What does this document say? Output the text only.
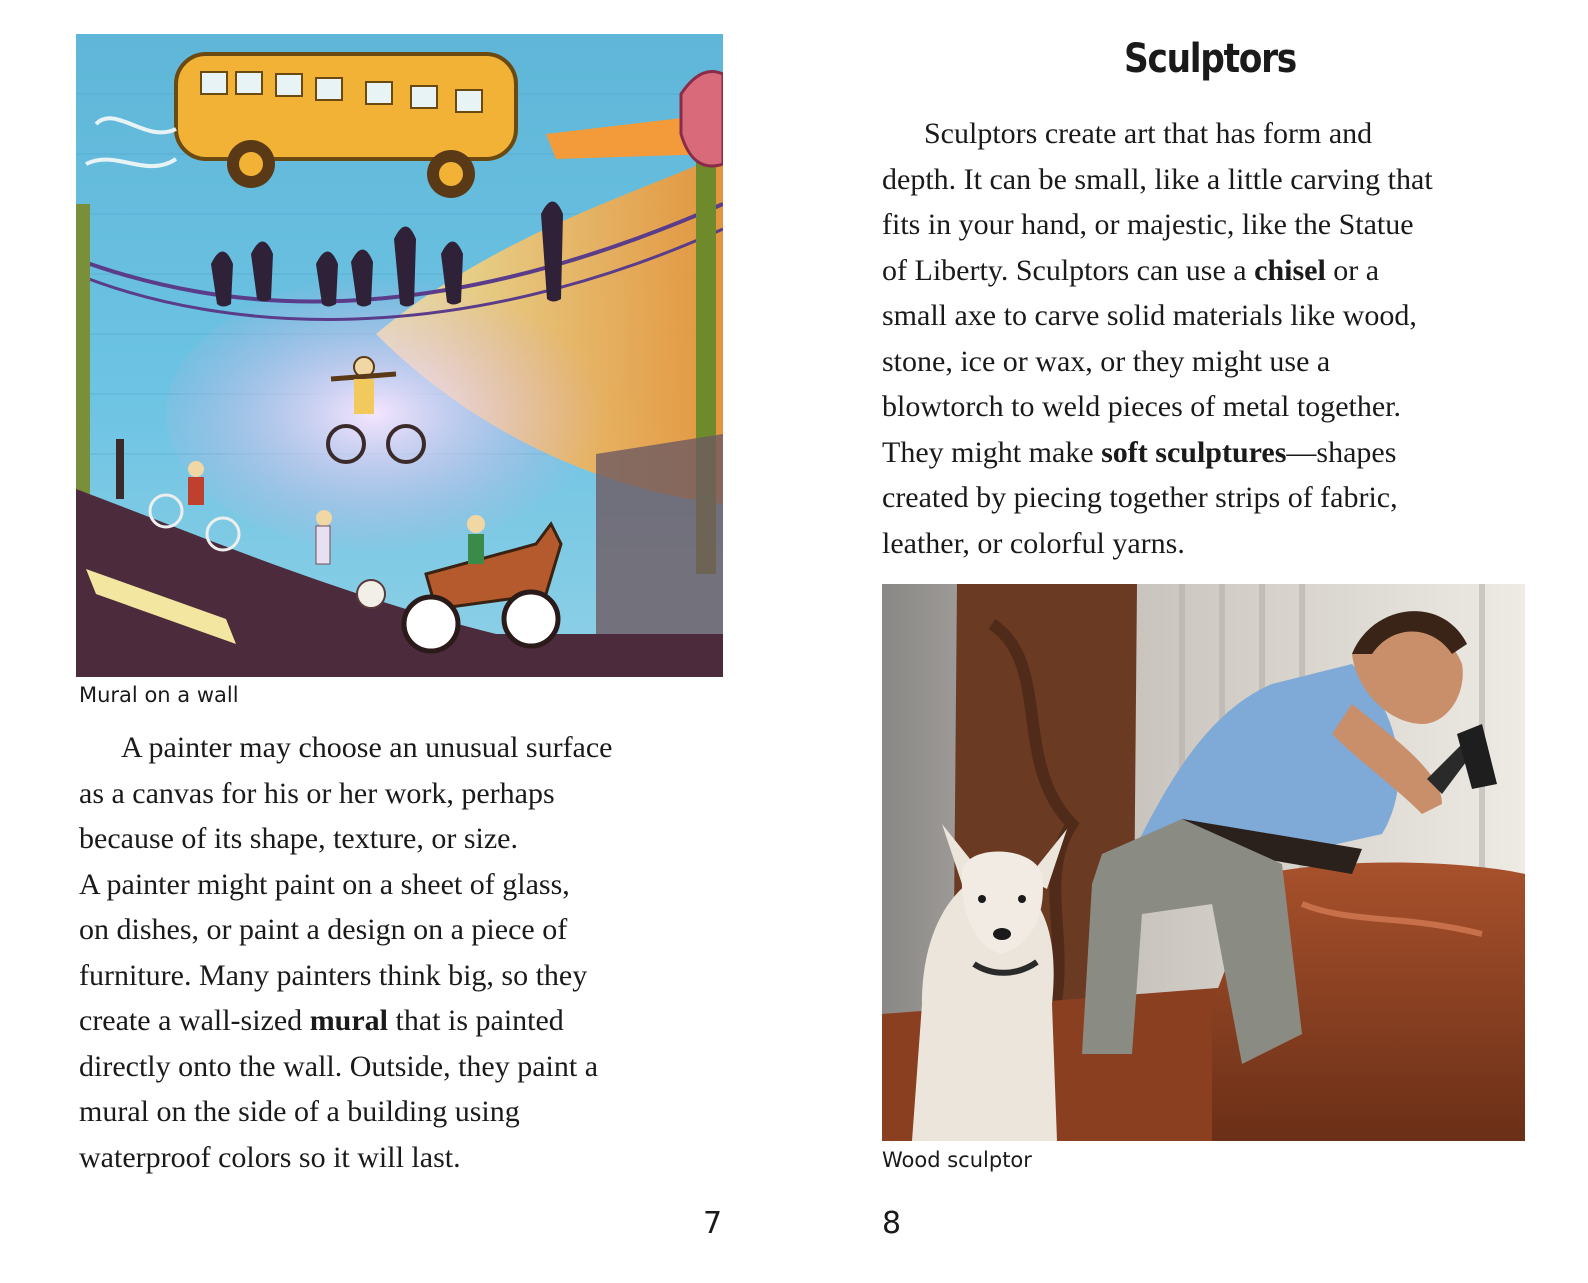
Mural on a wall

A painter may choose an unusual surface
as a canvas for his or her work, perhaps
because of its shape, texture, or size.
A painter might paint on a sheet of glass,
on dishes, or paint a design on a piece of
furniture. Many painters think big, so they
create a wall-sized mural that is painted
directly onto the wall. Outside, they paint a
mural on the side of a building using
waterproof colors so it will last.

7
Sculptors

Sculptors create art that has form and
depth. It can be small, like a little carving that
fits in your hand, or majestic, like the Statue
of Liberty. Sculptors can use a chisel or a
small axe to carve solid materials like wood,
stone, ice or wax, or they might use a
blowtorch to weld pieces of metal together.
They might make soft sculptures—shapes
created by piecing together strips of fabric,
leather, or colorful yarns.

Wood sculptor
8
